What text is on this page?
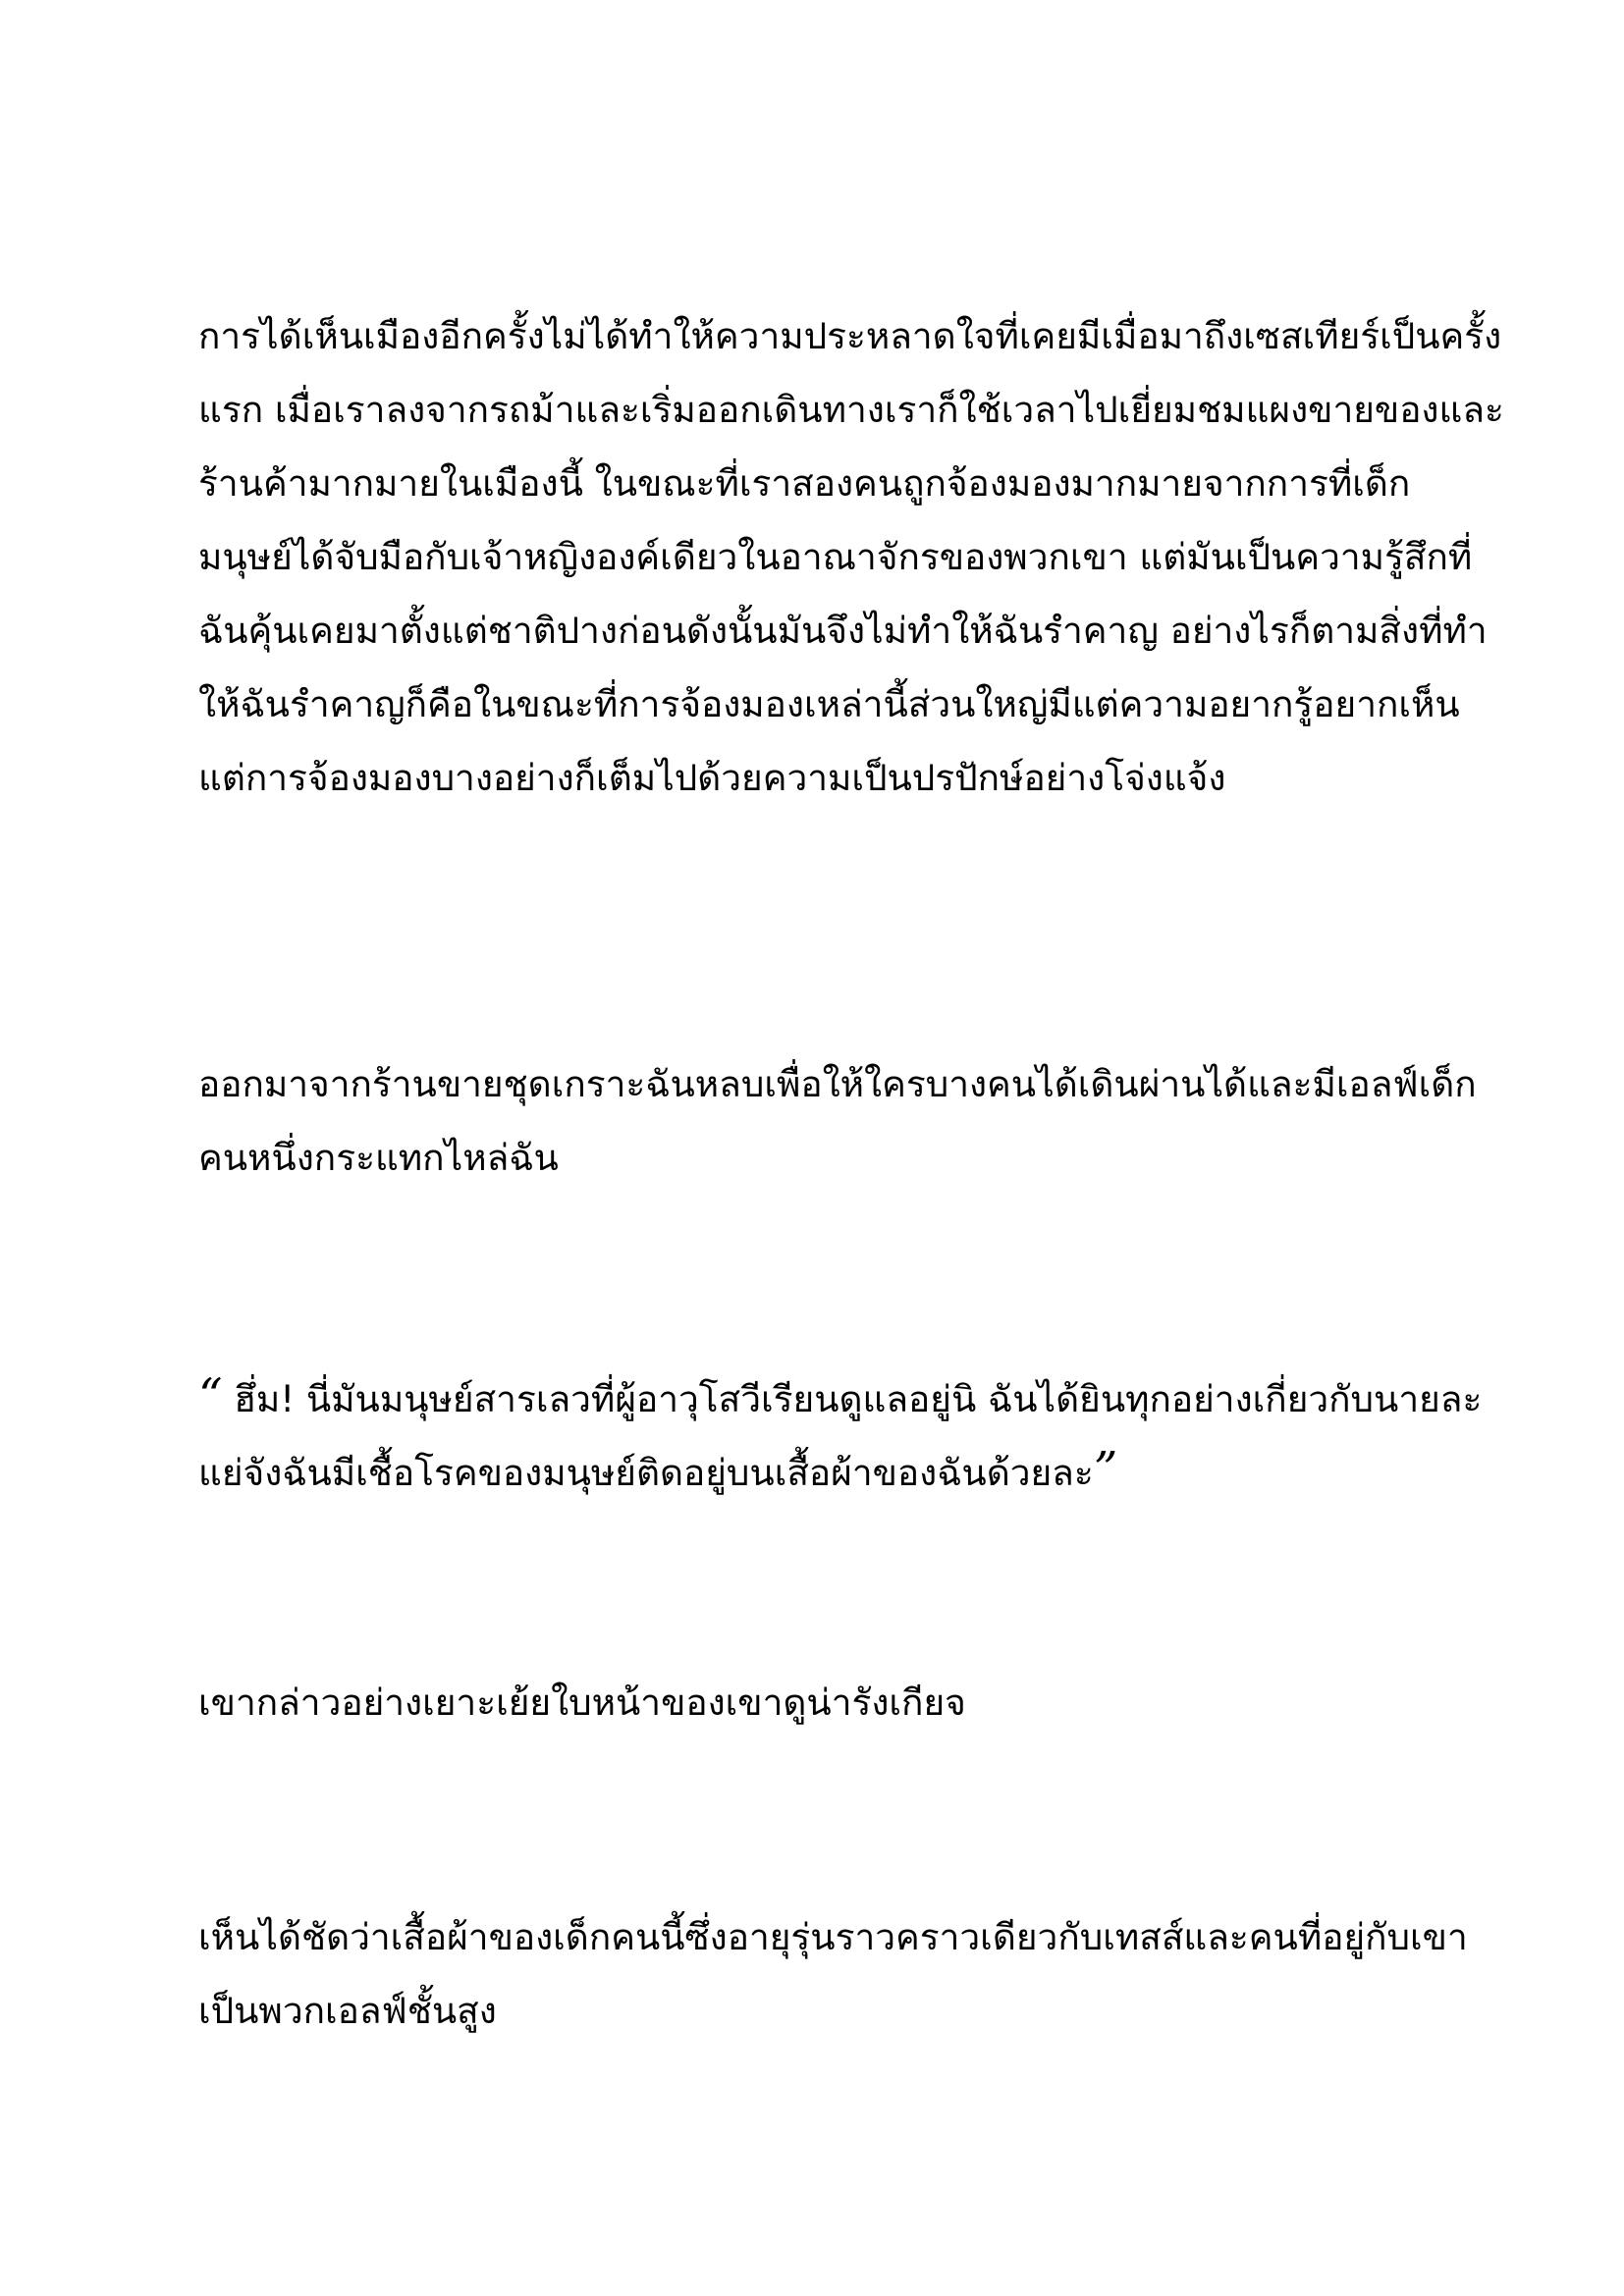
การได้เห็นเมืองอีกครั้งไม่ได้ทำให้ความประหลาดใจที่เคยมีเมื่อมาถึงเซสเทียร์เป็นครั้ง
แรก เมื่อเราลงจากรถม้าและเริ่มออกเดินทางเราก็ใช้เวลาไปเยี่ยมชมแผงขายของและ
ร้านค้ามากมายในเมืองนี้ ในขณะที่เราสองคนถูกจ้องมองมากมายจากการที่เด็ก
มนุษย์ได้จับมือกับเจ้าหญิงองค์เดียวในอาณาจักรของพวกเขา แต่มันเป็นความรู้สึกที่
ฉันคุ้นเคยมาตั้งแต่ชาติปางก่อนดังนั้นมันจึงไม่ทำให้ฉันรำคาญ อย่างไรก็ตามสิ่งที่ทำ
ให้ฉันรำคาญก็คือในขณะที่การจ้องมองเหล่านี้ส่วนใหญ่มีแต่ความอยากรู้อยากเห็น
แต่การจ้องมองบางอย่างก็เต็มไปด้วยความเป็นปรปักษ์อย่างโจ่งแจ้ง

ออกมาจากร้านขายชุดเกราะฉันหลบเพื่อให้ใครบางคนได้เดินผ่านได้และมีเอลฟ์เด็ก
คนหนึ่งกระแทกไหล่ฉัน

“ ฮึ่ม! นี่มันมนุษย์สารเลวที่ผู้อาวุโสวีเรียนดูแลอยู่นิ ฉันได้ยินทุกอย่างเกี่ยวกับนายละ
แย่จังฉันมีเชื้อโรคของมนุษย์ติดอยู่บนเสื้อผ้าของฉันด้วยละ”

เขากล่าวอย่างเยาะเย้ยใบหน้าของเขาดูน่ารังเกียจ

เห็นได้ชัดว่าเสื้อผ้าของเด็กคนนี้ซึ่งอายุรุ่นราวคราวเดียวกับเทสส์และคนที่อยู่กับเขา
เป็นพวกเอลฟ์ชั้นสูง
